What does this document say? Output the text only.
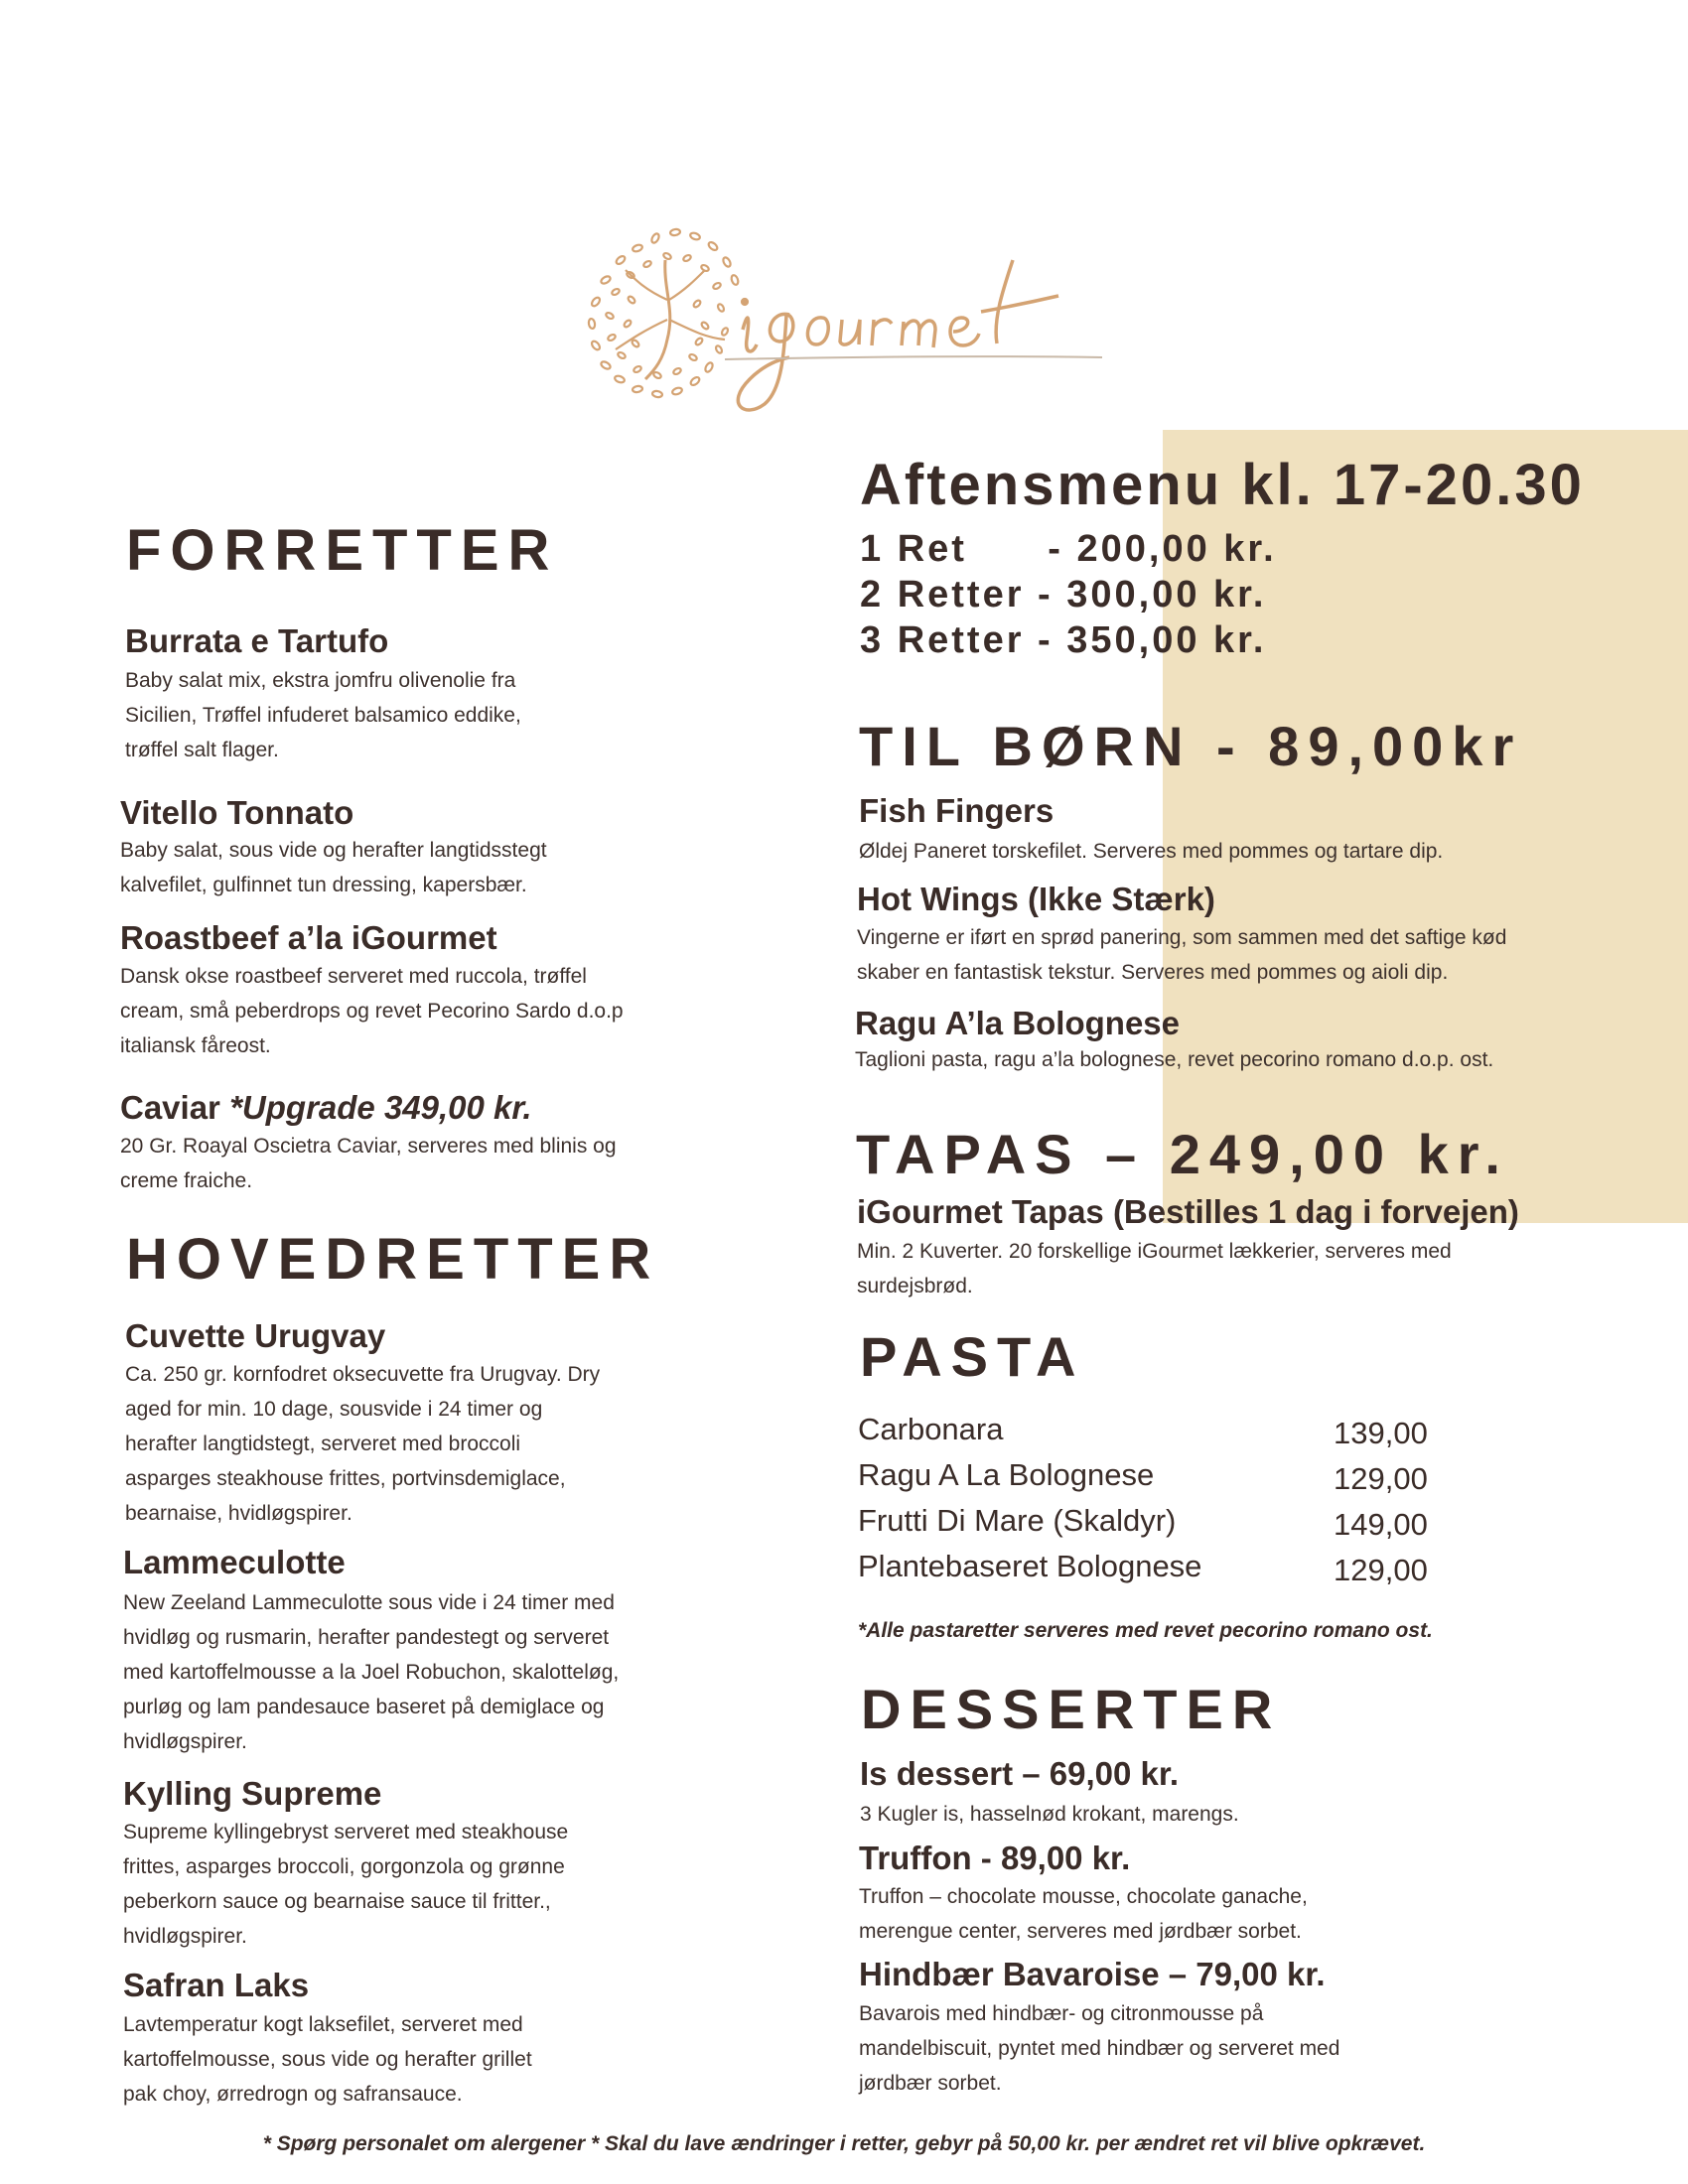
FORRETTER
Burrata e Tartufo
Baby salat mix, ekstra jomfru olivenolie fra
Sicilien, Trøffel infuderet balsamico eddike,
trøffel salt flager.
Vitello Tonnato
Baby salat, sous vide og herafter langtidsstegt
kalvefilet, gulfinnet tun dressing, kapersbær.
Roastbeef a’la iGourmet
Dansk okse roastbeef serveret med ruccola, trøffel
cream, små peberdrops og revet Pecorino Sardo d.o.p
italiansk fåreost.
Caviar *Upgrade 349,00 kr.
20 Gr. Roayal Oscietra Caviar, serveres med blinis og
creme fraiche.
HOVEDRETTER
Cuvette Urugvay
Ca. 250 gr. kornfodret oksecuvette fra Urugvay. Dry
aged for min. 10 dage, sousvide i 24 timer og
herafter langtidstegt, serveret med broccoli
asparges steakhouse frittes, portvinsdemiglace,
bearnaise, hvidløgspirer.
Lammeculotte
New Zeeland Lammeculotte sous vide i 24 timer med
hvidløg og rusmarin, herafter pandestegt og serveret
med kartoffelmousse a la Joel Robuchon, skalotteløg,
purløg og lam pandesauce baseret på demiglace og
hvidløgspirer.
Kylling Supreme
Supreme kyllingebryst serveret med steakhouse
frittes, asparges broccoli, gorgonzola og grønne
peberkorn sauce og bearnaise sauce til fritter.,
hvidløgspirer.
Safran Laks
Lavtemperatur kogt laksefilet, serveret med
kartoffelmousse, sous vide og herafter grillet
pak choy, ørredrogn og safransauce.
Aftensmenu kl. 17-20.30
1 Ret      - 200,00 kr.
2 Retter - 300,00 kr.
3 Retter - 350,00 kr.
TIL BØRN - 89,00kr
Fish Fingers
Øldej Paneret torskefilet. Serveres med pommes og tartare dip.
Hot Wings (Ikke Stærk)
Vingerne er iført en sprød panering, som sammen med det saftige kød
skaber en fantastisk tekstur. Serveres med pommes og aioli dip.
Ragu A’la Bolognese
Taglioni pasta, ragu a’la bolognese, revet pecorino romano d.o.p. ost.
TAPAS – 249,00 kr.
iGourmet Tapas (Bestilles 1 dag i forvejen)
Min. 2 Kuverter. 20 forskellige iGourmet lækkerier, serveres med
surdejsbrød.
PASTA
Carbonara
Ragu A La Bolognese
Frutti Di Mare (Skaldyr)
Plantebaseret Bolognese
139,00
129,00
149,00
129,00
*Alle pastaretter serveres med revet pecorino romano ost.
DESSERTER
Is dessert – 69,00 kr.
3 Kugler is, hasselnød krokant, marengs.
Truffon - 89,00 kr.
Truffon – chocolate mousse, chocolate ganache,
merengue center, serveres med jørdbær sorbet.
Hindbær Bavaroise – 79,00 kr.
Bavarois med hindbær- og citronmousse på
mandelbiscuit, pyntet med hindbær og serveret med
jørdbær sorbet.
* Spørg personalet om alergener * Skal du lave ændringer i retter, gebyr på 50,00 kr. per ændret ret vil blive opkrævet.
